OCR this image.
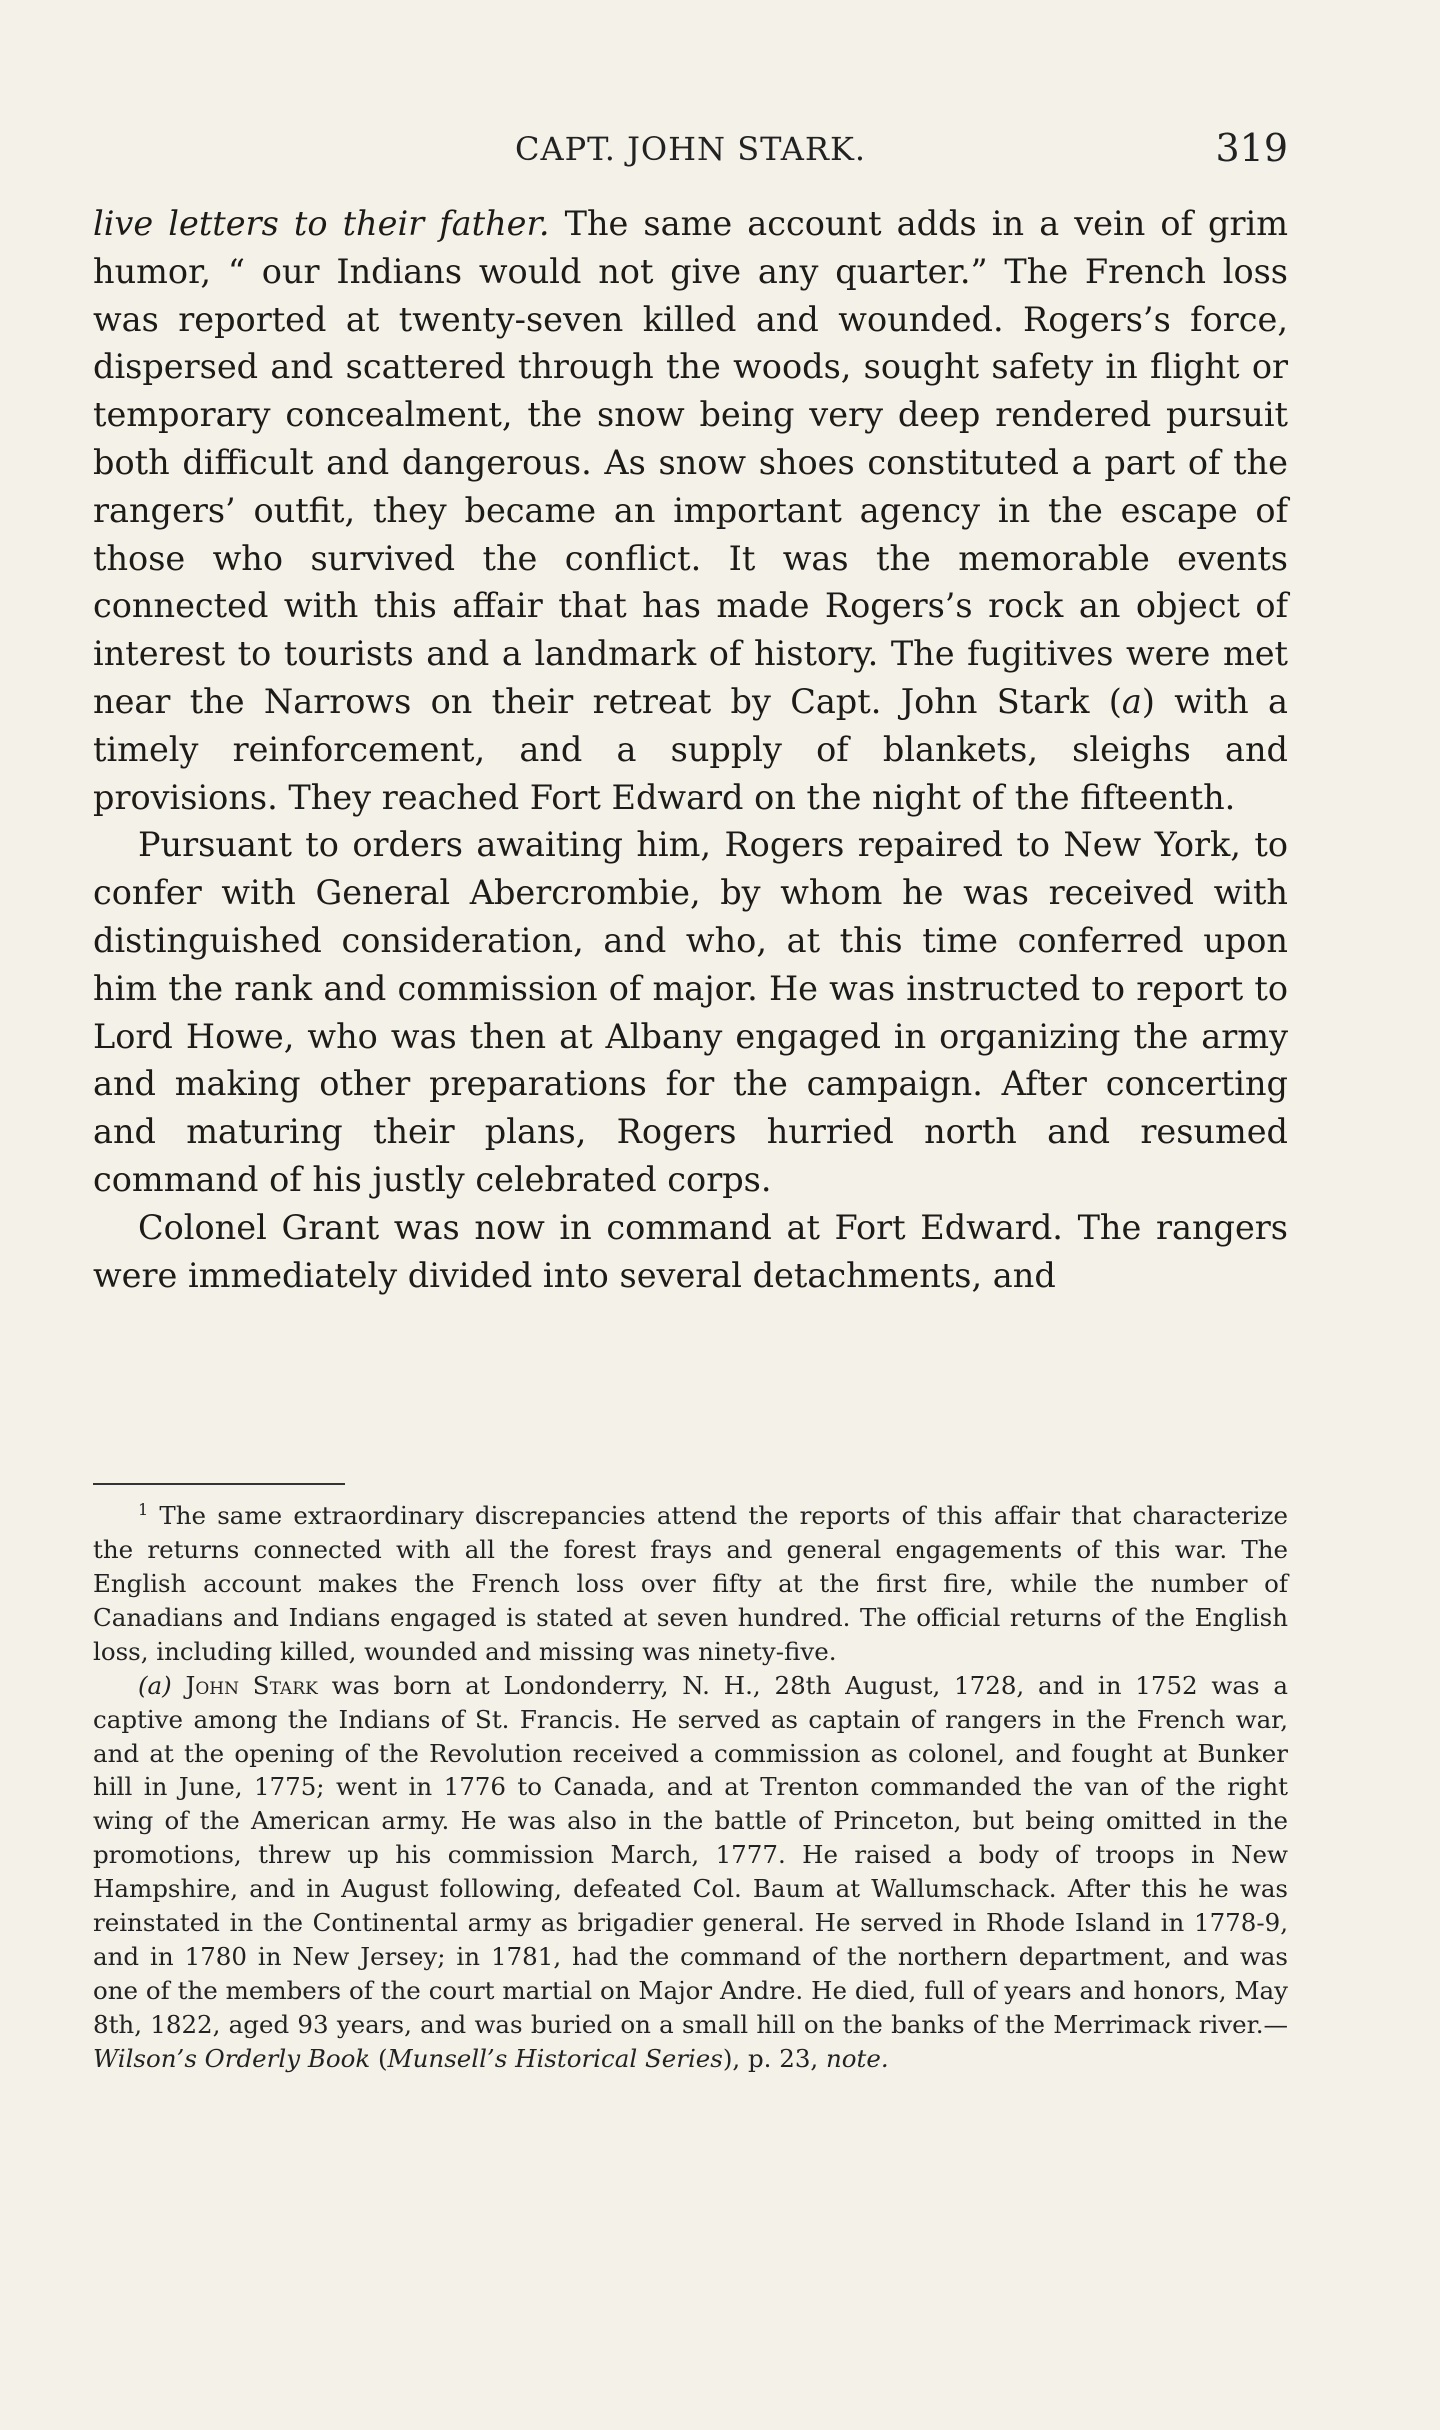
CAPT. JOHN STARK.	319

live letters to their father. The same account adds in a vein of grim humor, “ our Indians would not give any quarter.” The French loss was reported at twenty-seven killed and wounded. Rogers’s force, dispersed and scattered through the woods, sought safety in flight or temporary concealment, the snow being very deep rendered pursuit both difficult and dangerous. As snow shoes constituted a part of the rangers’ outfit, they became an important agency in the escape of those who survived the conflict. It was the memorable events connected with this affair that has made Rogers’s rock an object of interest to tourists and a landmark of history. The fugitives were met near the Narrows on their retreat by Capt. John Stark (a) with a timely reinforcement, and a supply of blankets, sleighs and provisions. They reached Fort Edward on the night of the fifteenth.

Pursuant to orders awaiting him, Rogers repaired to New York, to confer with General Abercrombie, by whom he was received with distinguished consideration, and who, at this time conferred upon him the rank and commission of major. He was instructed to report to Lord Howe, who was then at Albany engaged in organizing the army and making other preparations for the campaign. After concerting and maturing their plans, Rogers hurried north and resumed command of his justly celebrated corps.

Colonel Grant was now in command at Fort Edward. The rangers were immediately divided into several detachments, and

$^1$ The same extraordinary discrepancies attend the reports of this affair that characterize the returns connected with all the forest frays and general engagements of this war. The English account makes the French loss over fifty at the first fire, while the number of Canadians and Indians engaged is stated at seven hundred. The official returns of the English loss, including killed, wounded and missing was ninety-five.

(a) John Stark was born at Londonderry, N. H., 28th August, 1728, and in 1752 was a captive among the Indians of St. Francis. He served as captain of rangers in the French war, and at the opening of the Revolution received a commission as colonel, and fought at Bunker hill in June, 1775; went in 1776 to Canada, and at Trenton commanded the van of the right wing of the American army. He was also in the battle of Princeton, but being omitted in the promotions, threw up his commission March, 1777. He raised a body of troops in New Hampshire, and in August following, defeated Col. Baum at Wallumschack. After this he was reinstated in the Continental army as brigadier general. He served in Rhode Island in 1778-9, and in 1780 in New Jersey; in 1781, had the command of the northern department, and was one of the members of the court martial on Major Andre. He died, full of years and honors, May 8th, 1822, aged 93 years, and was buried on a small hill on the banks of the Merrimack river.— Wilson’s Orderly Book (Munsell’s Historical Series), p. 23, note.
